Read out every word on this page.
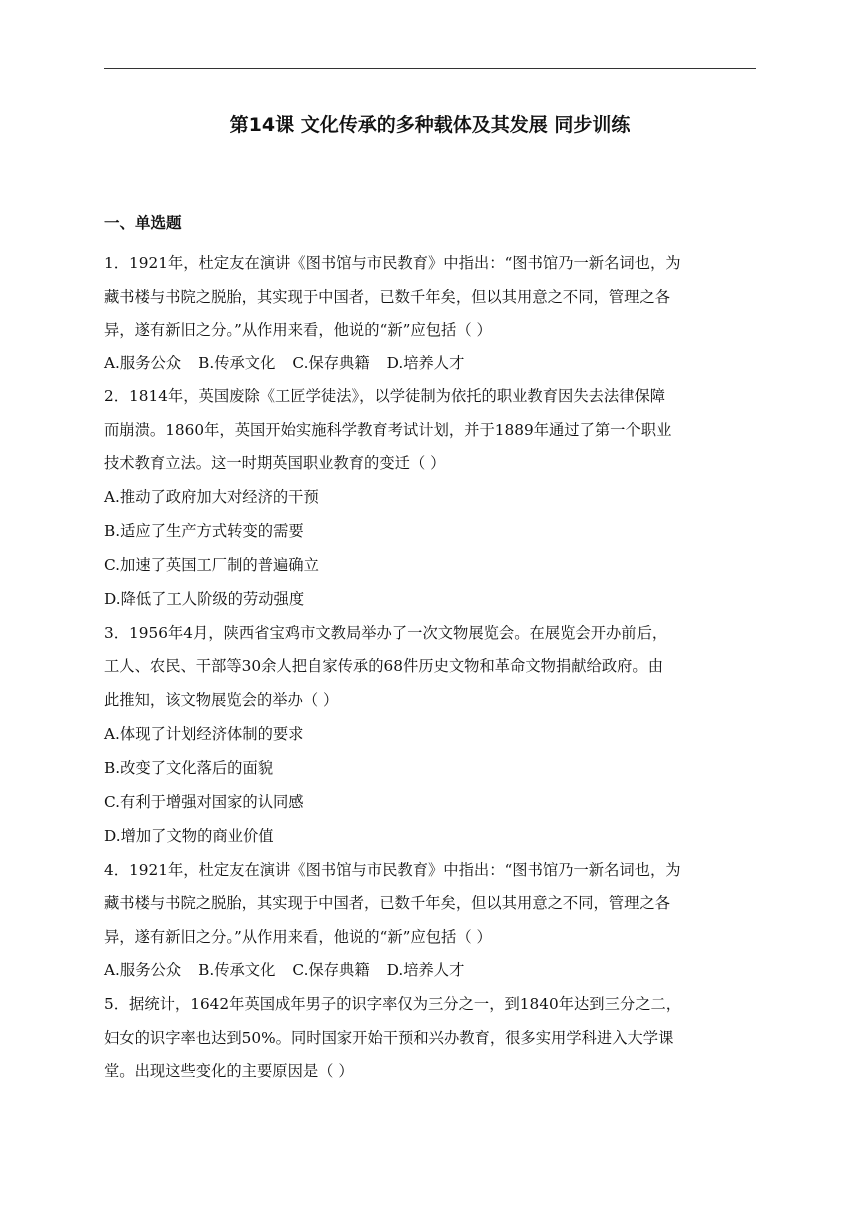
第14课 文化传承的多种载体及其发展 同步训练
一、单选题
1．1921年，杜定友在演讲《图书馆与市民教育》中指出：“图书馆乃一新名词也，为
藏书楼与书院之脱胎，其实现于中国者，已数千年矣，但以其用意之不同，管理之各
异，遂有新旧之分。”从作用来看，他说的“新”应包括（ ）
A.服务公众 B.传承文化 C.保存典籍 D.培养人才
2．1814年，英国废除《工匠学徒法》，以学徒制为依托的职业教育因失去法律保障
而崩溃。1860年，英国开始实施科学教育考试计划，并于1889年通过了第一个职业
技术教育立法。这一时期英国职业教育的变迁（ ）
A.推动了政府加大对经济的干预
B.适应了生产方式转变的需要
C.加速了英国工厂制的普遍确立
D.降低了工人阶级的劳动强度
3．1956年4月，陕西省宝鸡市文教局举办了一次文物展览会。在展览会开办前后，
工人、农民、干部等30余人把自家传承的68件历史文物和革命文物捐献给政府。由
此推知，该文物展览会的举办（ ）
A.体现了计划经济体制的要求
B.改变了文化落后的面貌
C.有利于增强对国家的认同感
D.增加了文物的商业价值
4．1921年，杜定友在演讲《图书馆与市民教育》中指出：“图书馆乃一新名词也，为
藏书楼与书院之脱胎，其实现于中国者，已数千年矣，但以其用意之不同，管理之各
异，遂有新旧之分。”从作用来看，他说的“新”应包括（ ）
A.服务公众 B.传承文化 C.保存典籍 D.培养人才
5．据统计，1642年英国成年男子的识字率仅为三分之一，到1840年达到三分之二，
妇女的识字率也达到50%。同时国家开始干预和兴办教育，很多实用学科进入大学课
堂。出现这些变化的主要原因是（ ）
